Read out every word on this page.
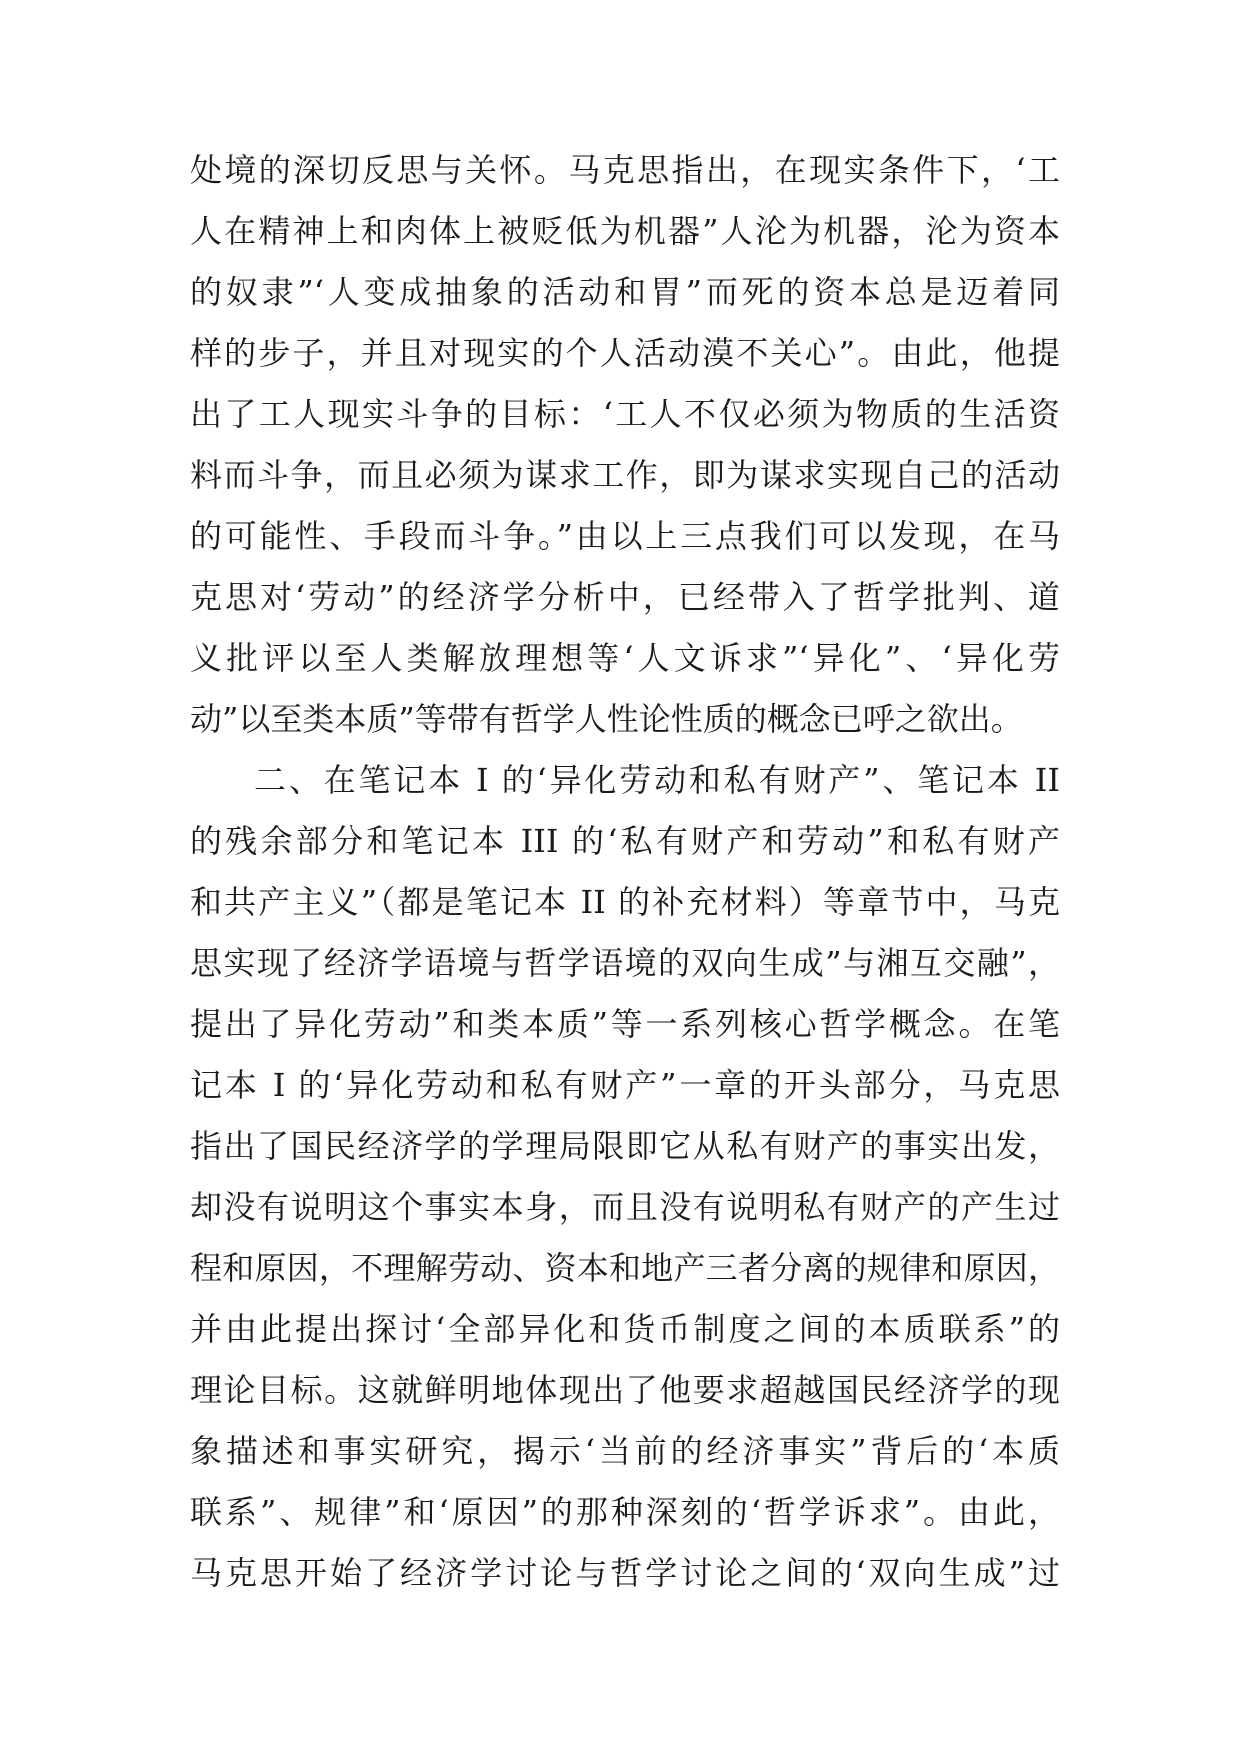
处境的深切反思与关怀。马克思指出，在现实条件下，‘工
人在精神上和肉体上被贬低为机器”人沦为机器，沦为资本
的奴隶”‘人变成抽象的活动和胃”而死的资本总是迈着同
样的步子，并且对现实的个人活动漠不关心”。由此，他提
出了工人现实斗争的目标：‘工人不仅必须为物质的生活资
料而斗争，而且必须为谋求工作，即为谋求实现自己的活动
的可能性、手段而斗争。”由以上三点我们可以发现，在马
克思对‘劳动”的经济学分析中，已经带入了哲学批判、道
义批评以至人类解放理想等‘人文诉求”‘异化”、‘异化劳
动”以至类本质”等带有哲学人性论性质的概念已呼之欲出。
二、在笔记本 I 的‘异化劳动和私有财产”、笔记本 II
的残余部分和笔记本 III 的‘私有财产和劳动”和私有财产
和共产主义”（都是笔记本 II 的补充材料）等章节中，马克
思实现了经济学语境与哲学语境的双向生成”与湘互交融”，
提出了异化劳动”和类本质”等一系列核心哲学概念。在笔
记本 I 的‘异化劳动和私有财产”一章的开头部分，马克思
指出了国民经济学的学理局限即它从私有财产的事实出发，
却没有说明这个事实本身，而且没有说明私有财产的产生过
程和原因，不理解劳动、资本和地产三者分离的规律和原因，
并由此提出探讨‘全部异化和货币制度之间的本质联系”的
理论目标。这就鲜明地体现出了他要求超越国民经济学的现
象描述和事实研究，揭示‘当前的经济事实”背后的‘本质
联系”、规律”和‘原因”的那种深刻的‘哲学诉求”。由此，
马克思开始了经济学讨论与哲学讨论之间的‘双向生成”过
